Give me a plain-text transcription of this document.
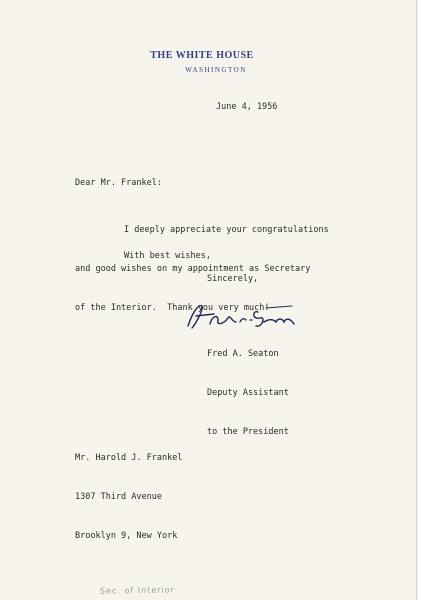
THE WHITE HOUSE
WASHINGTON
June 4, 1956
Dear Mr. Frankel:

I deeply appreciate your congratulations

and good wishes on my appointment as Secretary

of the Interior.  Thank you very much!

With best wishes,
Sincerely,

Fred A. Seaton

Deputy Assistant

to the President

Mr. Harold J. Frankel

1307 Third Avenue

Brooklyn 9, New York

Sec. of Interior
